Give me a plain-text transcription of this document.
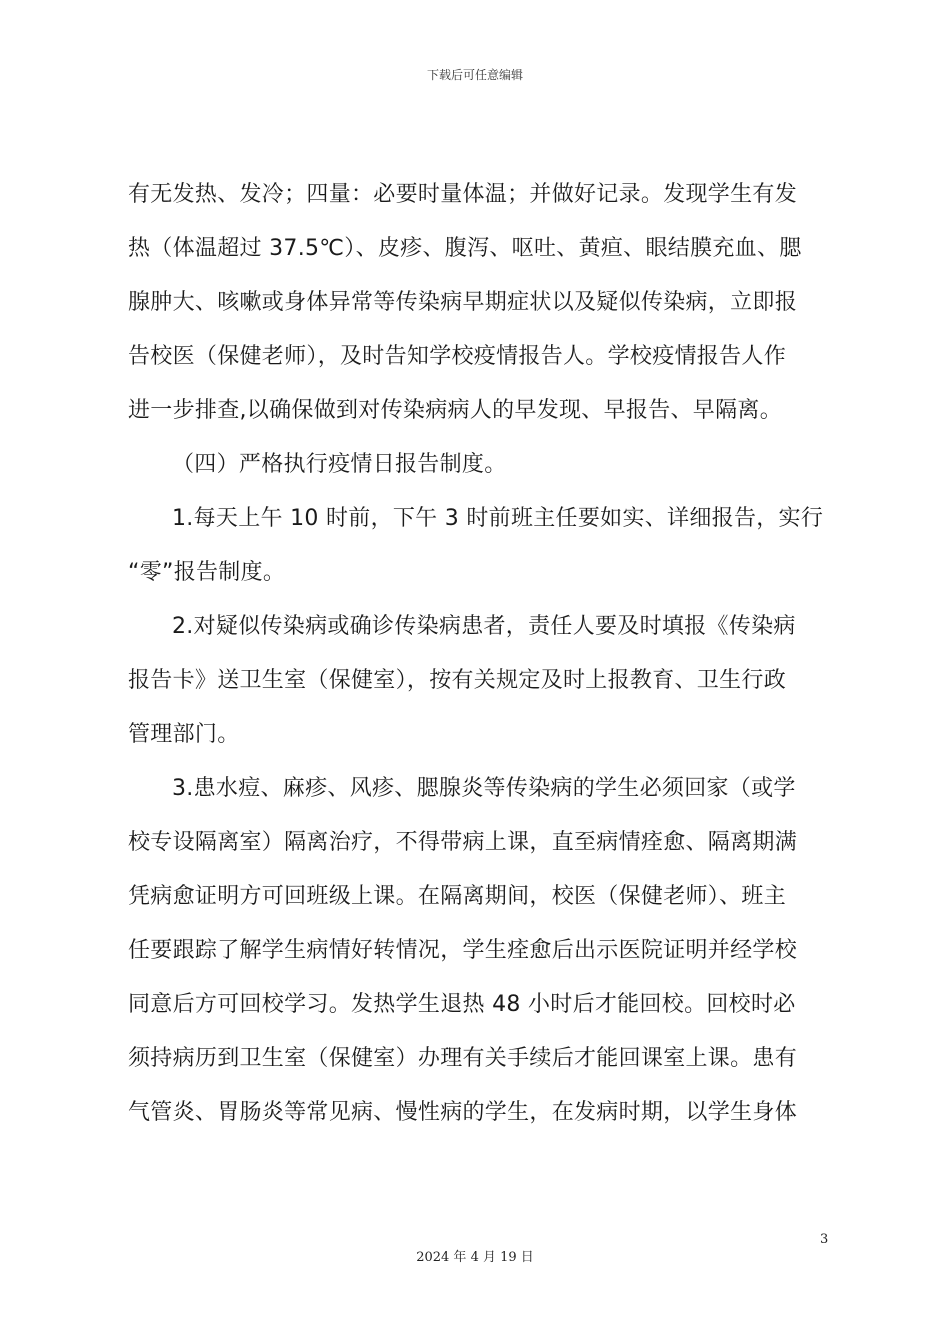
下载后可任意编辑
有无发热、发冷；四量：必要时量体温；并做好记录。发现学生有发
热（体温超过 37.5℃）、皮疹、腹泻、呕吐、黄疸、眼结膜充血、腮
腺肿大、咳嗽或身体异常等传染病早期症状以及疑似传染病，立即报
告校医（保健老师），及时告知学校疫情报告人。学校疫情报告人作
进一步排查,以确保做到对传染病病人的早发现、早报告、早隔离。
（四）严格执行疫情日报告制度。
1.每天上午 10 时前，下午 3 时前班主任要如实、详细报告，实行
“零”报告制度。
2.对疑似传染病或确诊传染病患者，责任人要及时填报《传染病
报告卡》送卫生室（保健室），按有关规定及时上报教育、卫生行政
管理部门。
3.患水痘、麻疹、风疹、腮腺炎等传染病的学生必须回家（或学
校专设隔离室）隔离治疗，不得带病上课，直至病情痊愈、隔离期满
凭病愈证明方可回班级上课。在隔离期间，校医（保健老师）、班主
任要跟踪了解学生病情好转情况，学生痊愈后出示医院证明并经学校
同意后方可回校学习。发热学生退热 48 小时后才能回校。回校时必
须持病历到卫生室（保健室）办理有关手续后才能回课室上课。患有
气管炎、胃肠炎等常见病、慢性病的学生，在发病时期，以学生身体
3
2024 年 4 月 19 日
